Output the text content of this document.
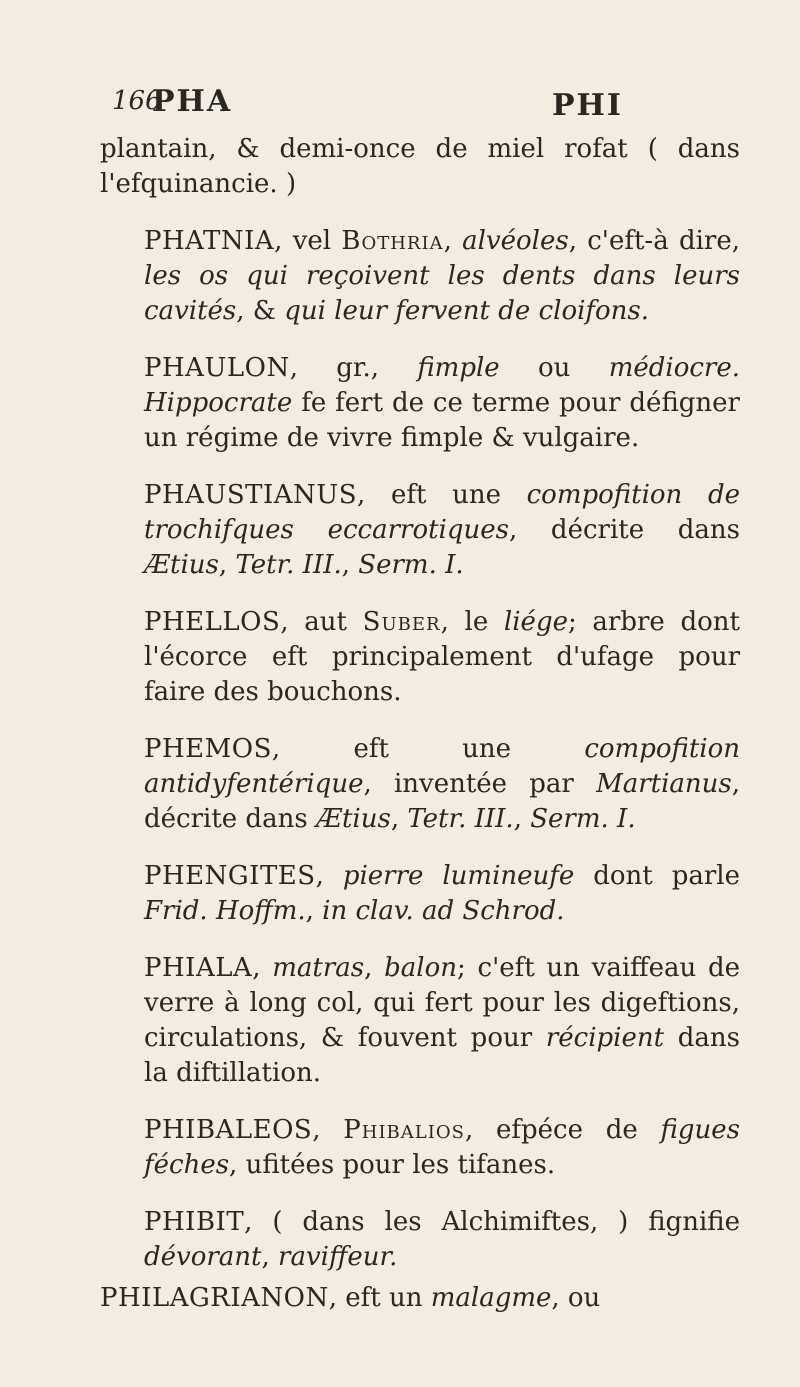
166
PHA	PHI

plantain, & demi-once de miel rofat ( dans l'efquinancie. )

PHATNIA, vel Bothria, alvéoles, c'eft-à dire, les os qui reçoivent les dents dans leurs cavités, & qui leur fervent de cloifons.

PHAULON, gr., fimple ou médiocre. Hippocrate fe fert de ce terme pour défigner un régime de vivre fimple & vulgaire.

PHAUSTIANUS, eft une compofition de trochifques eccarrotiques, décrite dans Ætius, Tetr. III., Serm. I.

PHELLOS, aut Suber, le liége; arbre dont l'écorce eft principalement d'ufage pour faire des bouchons.

PHEMOS, eft une compofition antidyfentérique, inventée par Martianus, décrite dans Ætius, Tetr. III., Serm. I.

PHENGITES, pierre lumineufe dont parle Frid. Hoffm., in clav. ad Schrod.

PHIALA, matras, balon; c'eft un vaiffeau de verre à long col, qui fert pour les digeftions, circulations, & fouvent pour récipient dans la diftillation.

PHIBALEOS, Phibalios, efpéce de figues féches, ufitées pour les tifanes.

PHIBIT, ( dans les Alchimiftes, ) fignifie dévorant, raviffeur.

PHILAGRIANON, eft un malagme, ou
